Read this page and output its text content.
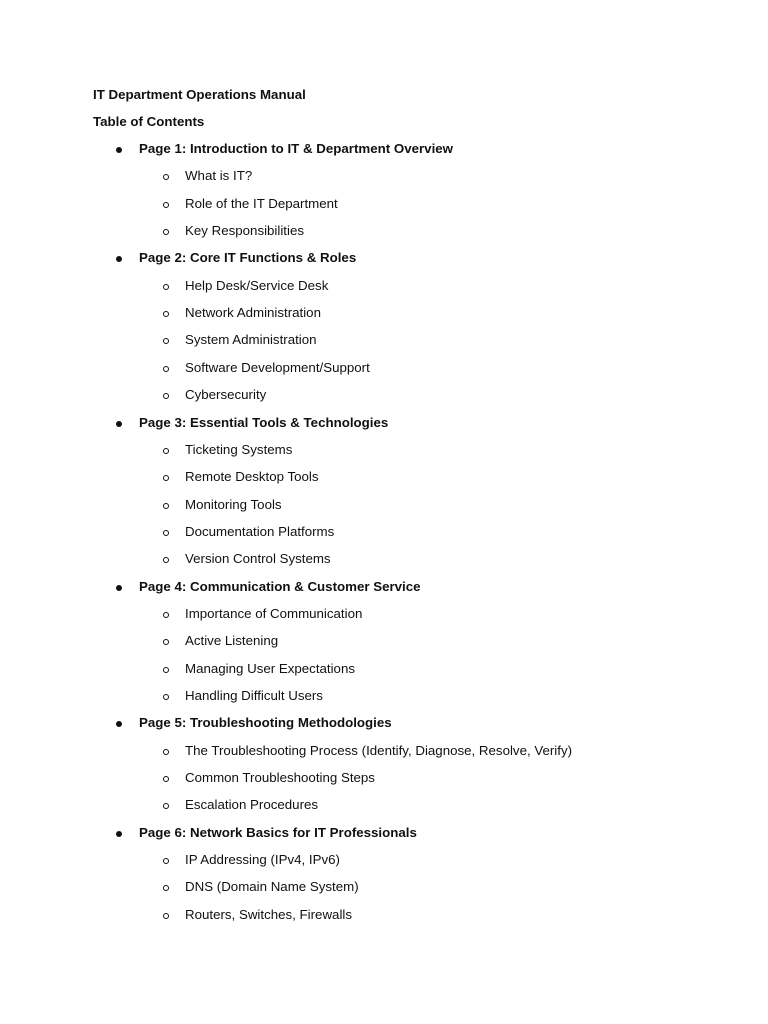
IT Department Operations Manual
Table of Contents
Page 1: Introduction to IT & Department Overview
What is IT?
Role of the IT Department
Key Responsibilities
Page 2: Core IT Functions & Roles
Help Desk/Service Desk
Network Administration
System Administration
Software Development/Support
Cybersecurity
Page 3: Essential Tools & Technologies
Ticketing Systems
Remote Desktop Tools
Monitoring Tools
Documentation Platforms
Version Control Systems
Page 4: Communication & Customer Service
Importance of Communication
Active Listening
Managing User Expectations
Handling Difficult Users
Page 5: Troubleshooting Methodologies
The Troubleshooting Process (Identify, Diagnose, Resolve, Verify)
Common Troubleshooting Steps
Escalation Procedures
Page 6: Network Basics for IT Professionals
IP Addressing (IPv4, IPv6)
DNS (Domain Name System)
Routers, Switches, Firewalls
